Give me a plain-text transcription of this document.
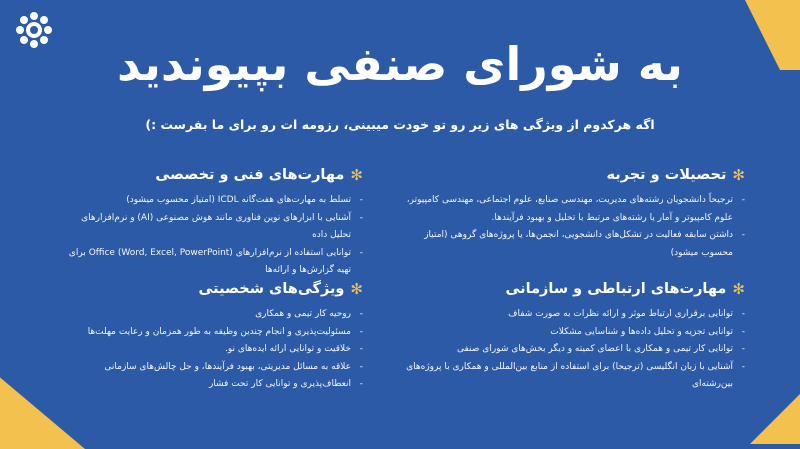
به شورای صنفی بپیوندید
اگه هرکدوم از ویژگی های زیر رو تو خودت میبینی، رزومه ات رو برای ما بفرست :)
✻
تحصیلات و تجربه
- ترجیحاً دانشجویان رشته‌های مدیریت، مهندسی صنایع، علوم اجتماعی، مهندسی کامپیوتر، علوم کامپیوتر و آمار یا رشته‌های مرتبط با تحلیل و بهبود فرآیندها.
- داشتن سابقه فعالیت در تشکل‌های دانشجویی، انجمن‌ها، یا پروژه‌های گروهی (امتیاز محسوب میشود)
✻
مهارت‌های فنی و تخصصی
- تسلط به مهارت‌های هفت‌گانه ICDL (امتیاز محسوب میشود)
- آشنایی با ابزارهای نوین فناوری مانند هوش مصنوعی (AI) و نرم‌افزارهای تحلیل داده
- توانایی استفاده از نرم‌افزارهای Office (Word, Excel, PowerPoint) برای تهیه گزارش‌ها و ارائه‌ها
✻
مهارت‌های ارتباطی و سازمانی
- توانایی برقراری ارتباط موثر و ارائه نظرات به صورت شفاف
- توانایی تجزیه و تحلیل داده‌ها و شناسایی مشکلات
- توانایی کار تیمی و همکاری با اعضای کمیته و دیگر بخش‌های شورای صنفی
- آشنایی با زبان انگلیسی (ترجیحا) برای استفاده از منابع بین‌المللی و همکاری با پروژه‌های بین‌رشته‌ای
✻
ویژگی‌های شخصیتی
- روحیه کار تیمی و همکاری
- مسئولیت‌پذیری و انجام چندین وظیفه به طور همزمان و رعایت مهلت‌ها
- خلاقیت و توانایی ارائه ایده‌های نو.
- علاقه به مسائل مدیریتی، بهبود فرآیندها، و حل چالش‌های سازمانی
- انعطاف‌پذیری و توانایی کار تحت فشار
